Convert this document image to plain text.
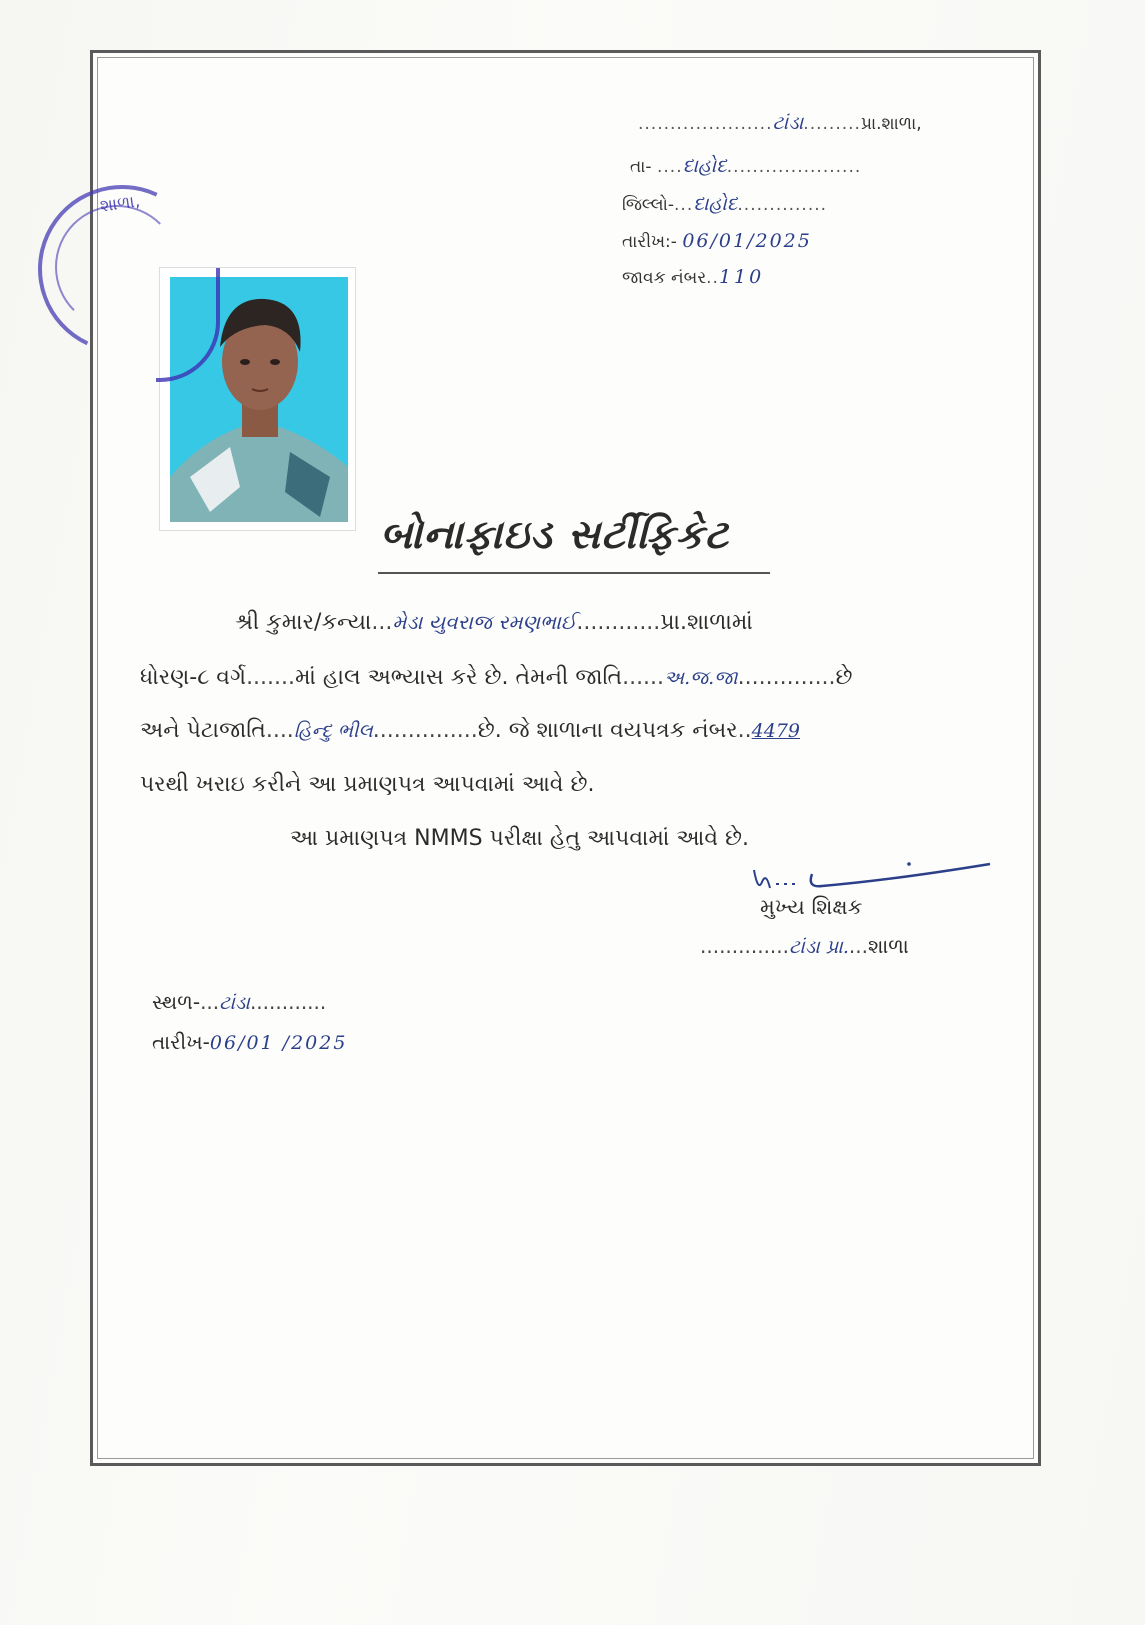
.....................ટાંડા.........પ્રા.શાળા,
તા- ....દાહોદ.....................
જિલ્લો-...દાહોદ..............
તારીખ:- 06/01/2025
જાવક નંબર..110
શાળા,
બોનાફાઇડ સર્ટીફિકેટ
શ્રી કુમાર/કન્યા...મેડા યુવરાજ રમણભાઈ............પ્રા.શાળામાં
ધોરણ-૮ વર્ગ.......માં હાલ અભ્યાસ કરે છે. તેમની જાતિ......અ.જ.જા..............છે
અને પેટાજાતિ....હિન્દુ ભીલ...............છે. જે શાળાના વયપત્રક નંબર..4479
પરથી ખરાઇ કરીને આ પ્રમાણપત્ર આપવામાં આવે છે.
આ પ્રમાણપત્ર NMMS પરીક્ષા હેતુ આપવામાં આવે છે.
મુખ્ય શિક્ષક
..............ટાંડા પ્રા....શાળા
સ્થળ-...ટાંડા............
તારીખ-06/01 /2025
